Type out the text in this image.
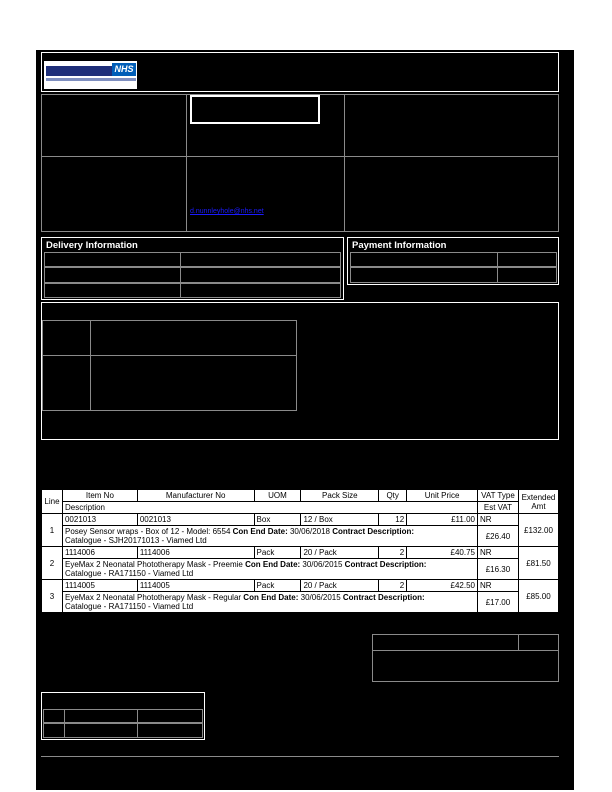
NHS
d.nunnleyhole@nhs.net
Delivery Information	Payment Information
Line	Item No	Manufacturer No	UOM	Pack Size	Qty	Unit Price	VAT Type	Extended Amt
	Description						Est VAT	
1	0021013	0021013	Box	12 / Box	12	£11.00	NR	£132.00
	Posey Sensor wraps - Box of 12 - Model: 6554 Con End Date: 30/06/2018 Contract Description:
Catalogue - SJH20171013 - Viamed Ltd						£26.40	
2	1114006	1114006	Pack	20 / Pack	2	£40.75	NR	£81.50
	EyeMax 2 Neonatal Phototherapy Mask - Preemie Con End Date: 30/06/2015 Contract Description:
Catalogue - RA171150 - Viamed Ltd						£16.30	
3	1114005	1114005	Pack	20 / Pack	2	£42.50	NR	£85.00
	EyeMax 2 Neonatal Phototherapy Mask - Regular Con End Date: 30/06/2015 Contract Description:
Catalogue - RA171150 - Viamed Ltd						£17.00	
